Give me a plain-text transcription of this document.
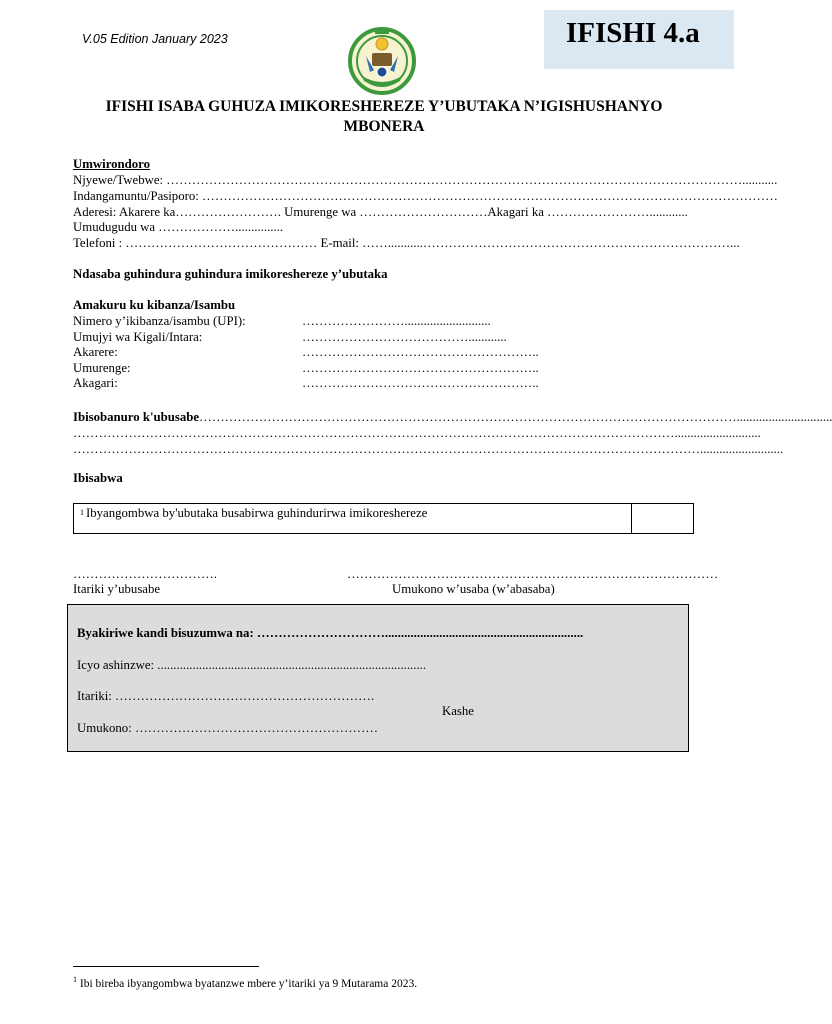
V.05 Edition January 2023	IFISHI 4.a
IFISHI ISABA GUHUZA IMIKORESHEREZE Y’UBUTAKA N’IGISHUSHANYO
MBONERA
Umwirondoro
Njyewe/Twebwe: ………………………………………………………………………………………………………………………...........
Indangamuntu/Pasiporo: ………………………………………………………………………………………………………………………
Aderesi: Akarere ka……………………. Umurenge wa …………………………Akagari ka ……………………............
Umudugudu wa ………………...............
Telefoni : ……………………………………… E-mail: ……...........………………………………………………………………...
Ndasaba guhindura guhindura imikoreshereze y’ubutaka
Amakuru ku kibanza/Isambu
Nimero y’ikibanza/isambu (UPI):	……………………...........................
Umujyi wa Kigali/Intara:	…………………………………............
Akarere:	………………………………………………..
Umurenge:	………………………………………………..
Akagari:	………………………………………………..
Ibisobanuro k'ubusabe………………………………………………………………………………………………………………..............................
……………………………………………………………………………………………………………………………...........................
…………………………………………………………………………………………………………………………………..........................
Ibisabwa
Ibyangombwa by'ubutaka busabirwa guhindurirwa imikoreshereze
$^1$
…………………………….
Itariki y’ubusabe
……………………………………………………………………………
Umukono w’usaba (w’abasaba)
Byakiriwe kandi bisuzumwa na: …………………………..............................................................
Icyo ashinzwe: ....................................................................................
Itariki: …………………………………………………….
Kashe
Umukono: …………………………………………………
$^1$ Ibi bireba ibyangombwa byatanzwe mbere y’itariki ya 9 Mutarama 2023.
